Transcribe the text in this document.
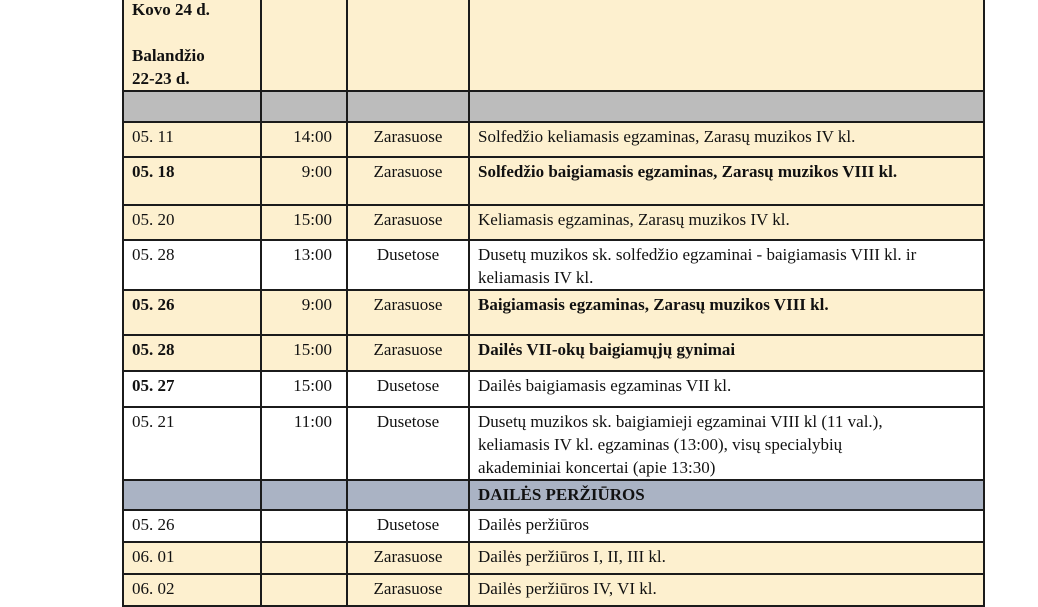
Kovo 24 d.

Balandžio
22-23 d.			

05. 11	14:00	Zarasuose	Solfedžio keliamasis egzaminas, Zarasų muzikos IV kl.
05. 18	9:00	Zarasuose	Solfedžio baigiamasis egzaminas, Zarasų muzikos VIII kl.
05. 20	15:00	Zarasuose	Keliamasis egzaminas, Zarasų muzikos IV kl.
05. 28	13:00	Dusetose	Dusetų muzikos sk. solfedžio egzaminai - baigiamasis VIII kl. ir keliamasis IV kl.
05. 26	9:00	Zarasuose	Baigiamasis egzaminas, Zarasų muzikos VIII kl.
05. 28	15:00	Zarasuose	Dailės VII-okų baigiamųjų gynimai
05. 27	15:00	Dusetose	Dailės baigiamasis egzaminas VII kl.
05. 21	11:00	Dusetose	Dusetų muzikos sk. baigiamieji egzaminai VIII kl (11 val.),
keliamasis IV kl. egzaminas (13:00), visų specialybių
akademiniai koncertai (apie 13:30)

			DAILĖS PERŽIŪROS
05. 26		Dusetose	Dailės peržiūros
06. 01		Zarasuose	Dailės peržiūros I, II, III kl.
06. 02		Zarasuose	Dailės peržiūros IV, VI kl.
